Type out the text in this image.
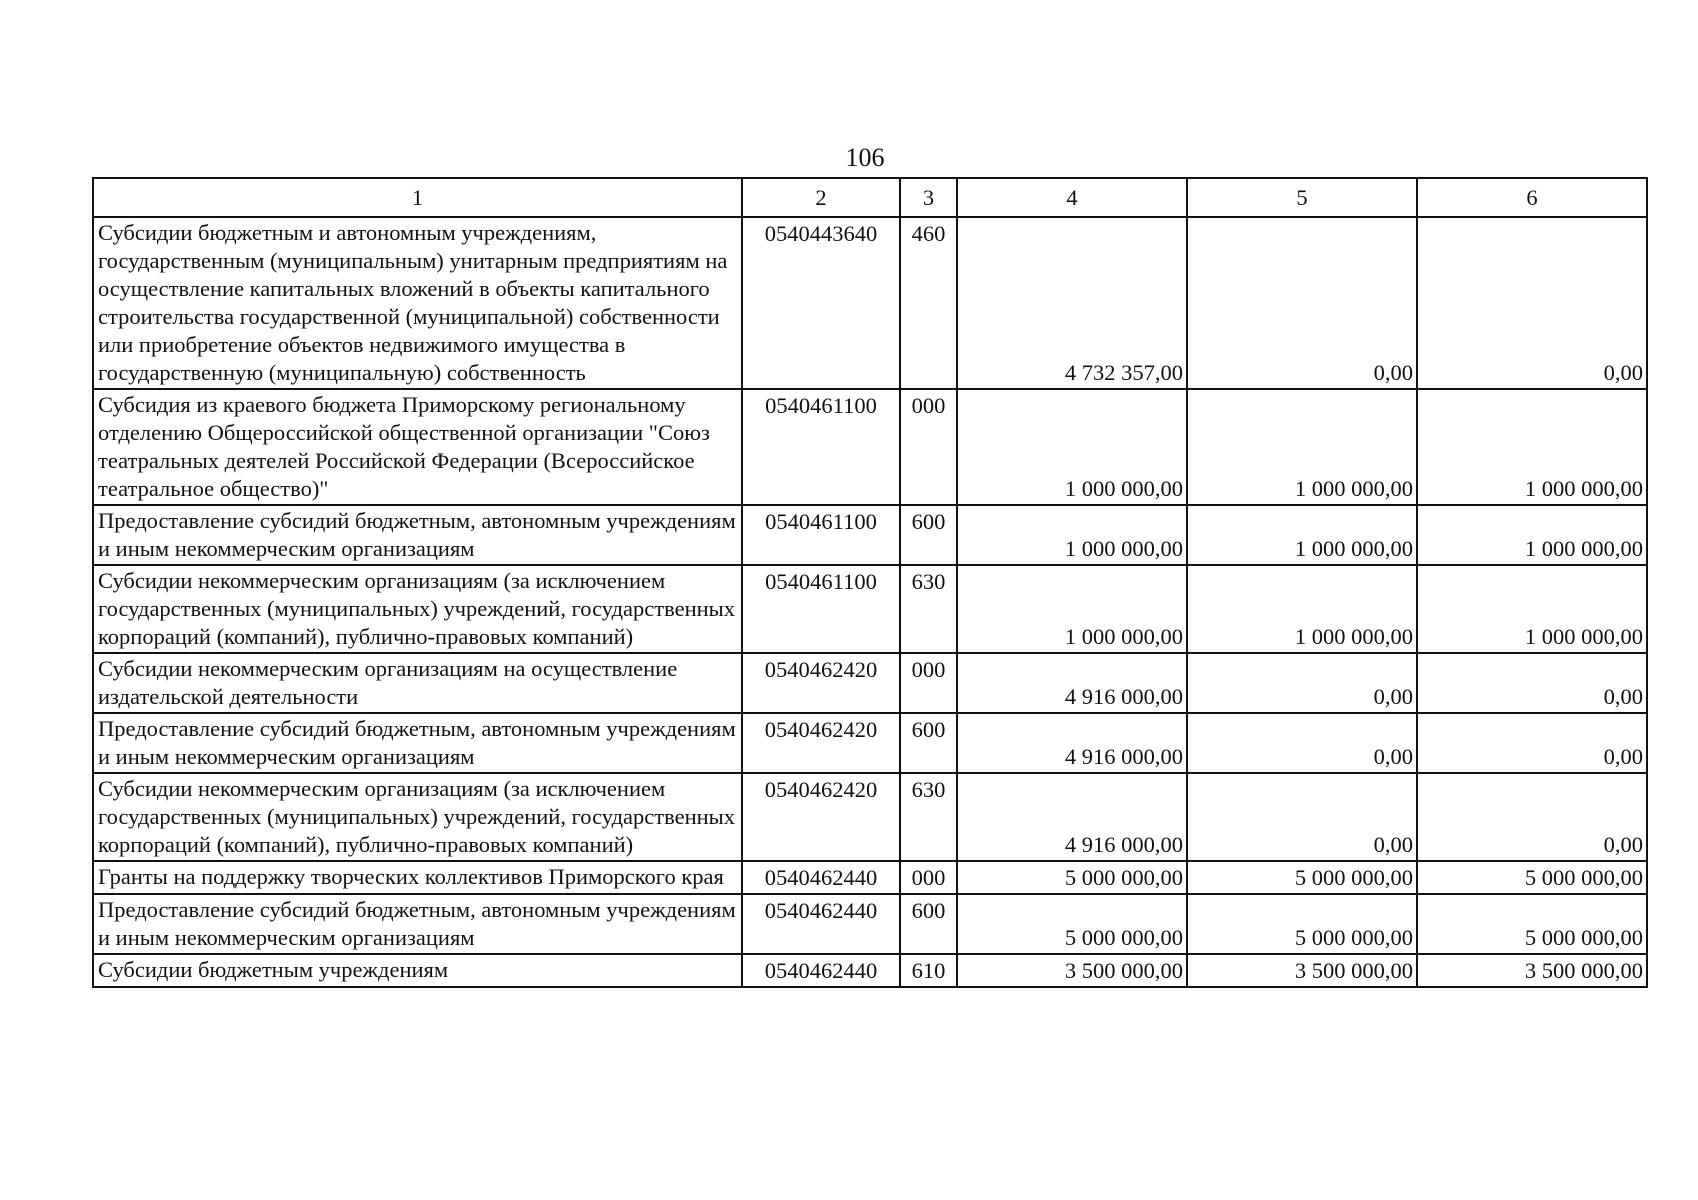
106
1	2	3	4	5	6
Субсидии бюджетным и автономным учреждениям, государственным (муниципальным) унитарным предприятиям на осуществление капитальных вложений в объекты капитального строительства государственной (муниципальной) собственности или приобретение объектов недвижимого имущества в государственную (муниципальную) собственность	0540443640	460	4 732 357,00	0,00	0,00
Субсидия из краевого бюджета Приморскому региональному отделению Общероссийской общественной организации "Союз театральных деятелей Российской Федерации (Всероссийское театральное общество)"	0540461100	000	1 000 000,00	1 000 000,00	1 000 000,00
Предоставление субсидий бюджетным, автономным учреждениям и иным некоммерческим организациям	0540461100	600	1 000 000,00	1 000 000,00	1 000 000,00
Субсидии некоммерческим организациям (за исключением государственных (муниципальных) учреждений, государственных корпораций (компаний), публично-правовых компаний)	0540461100	630	1 000 000,00	1 000 000,00	1 000 000,00
Субсидии некоммерческим организациям на осуществление издательской деятельности	0540462420	000	4 916 000,00	0,00	0,00
Предоставление субсидий бюджетным, автономным учреждениям и иным некоммерческим организациям	0540462420	600	4 916 000,00	0,00	0,00
Субсидии некоммерческим организациям (за исключением государственных (муниципальных) учреждений, государственных корпораций (компаний), публично-правовых компаний)	0540462420	630	4 916 000,00	0,00	0,00
Гранты на поддержку творческих коллективов Приморского края	0540462440	000	5 000 000,00	5 000 000,00	5 000 000,00
Предоставление субсидий бюджетным, автономным учреждениям и иным некоммерческим организациям	0540462440	600	5 000 000,00	5 000 000,00	5 000 000,00
Субсидии бюджетным учреждениям	0540462440	610	3 500 000,00	3 500 000,00	3 500 000,00
